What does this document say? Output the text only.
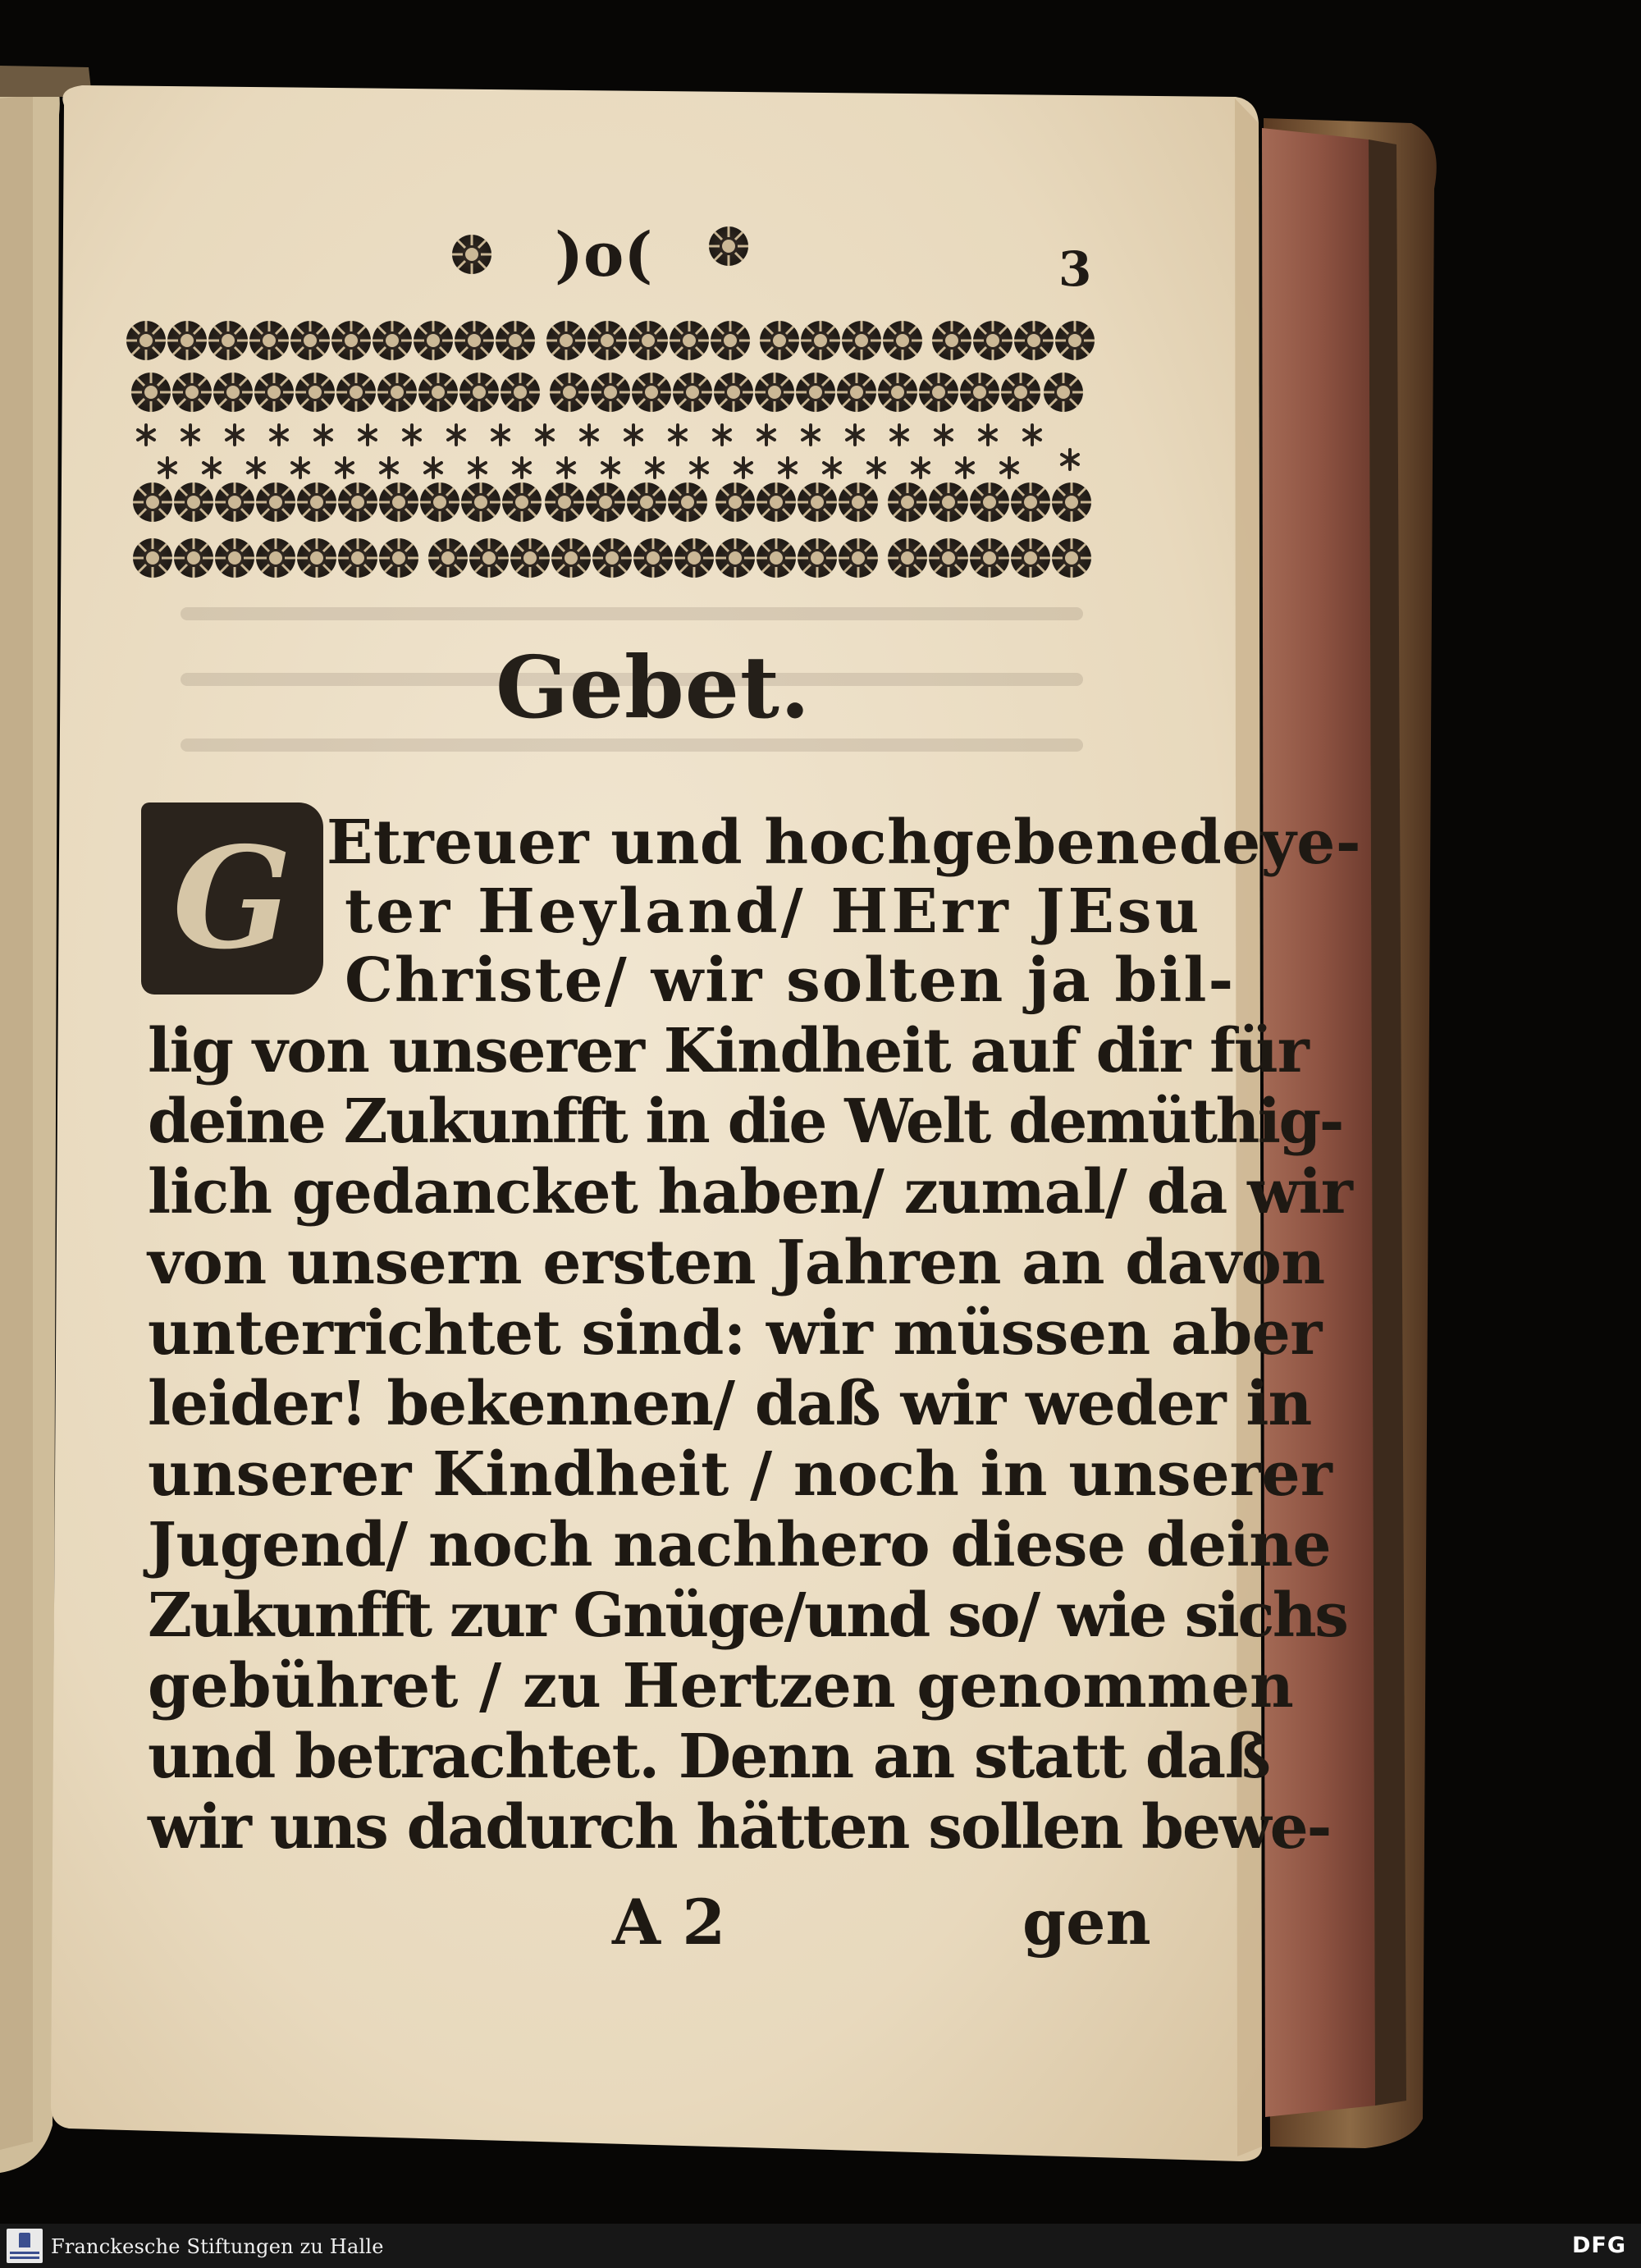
)o(	3
Gebet.
G Etreuer und hochgebenedeye-
ter Heyland/ HErr JEsu
Christe/ wir solten ja bil-
lig von unserer Kindheit auf dir für
deine Zukunfft in die Welt demüthig-
lich gedancket haben/ zumal/ da wir
von unsern ersten Jahren an davon
unterrichtet sind: wir müssen aber
leider! bekennen/ daß wir weder in
unserer Kindheit / noch in unserer
Jugend/ noch nachhero diese deine
Zukunfft zur Gnüge/und so/ wie sichs
gebühret / zu Hertzen genommen
und betrachtet. Denn an statt daß
wir uns dadurch hätten sollen bewe-
A 2	gen
Franckesche Stiftungen zu Halle	DFG
